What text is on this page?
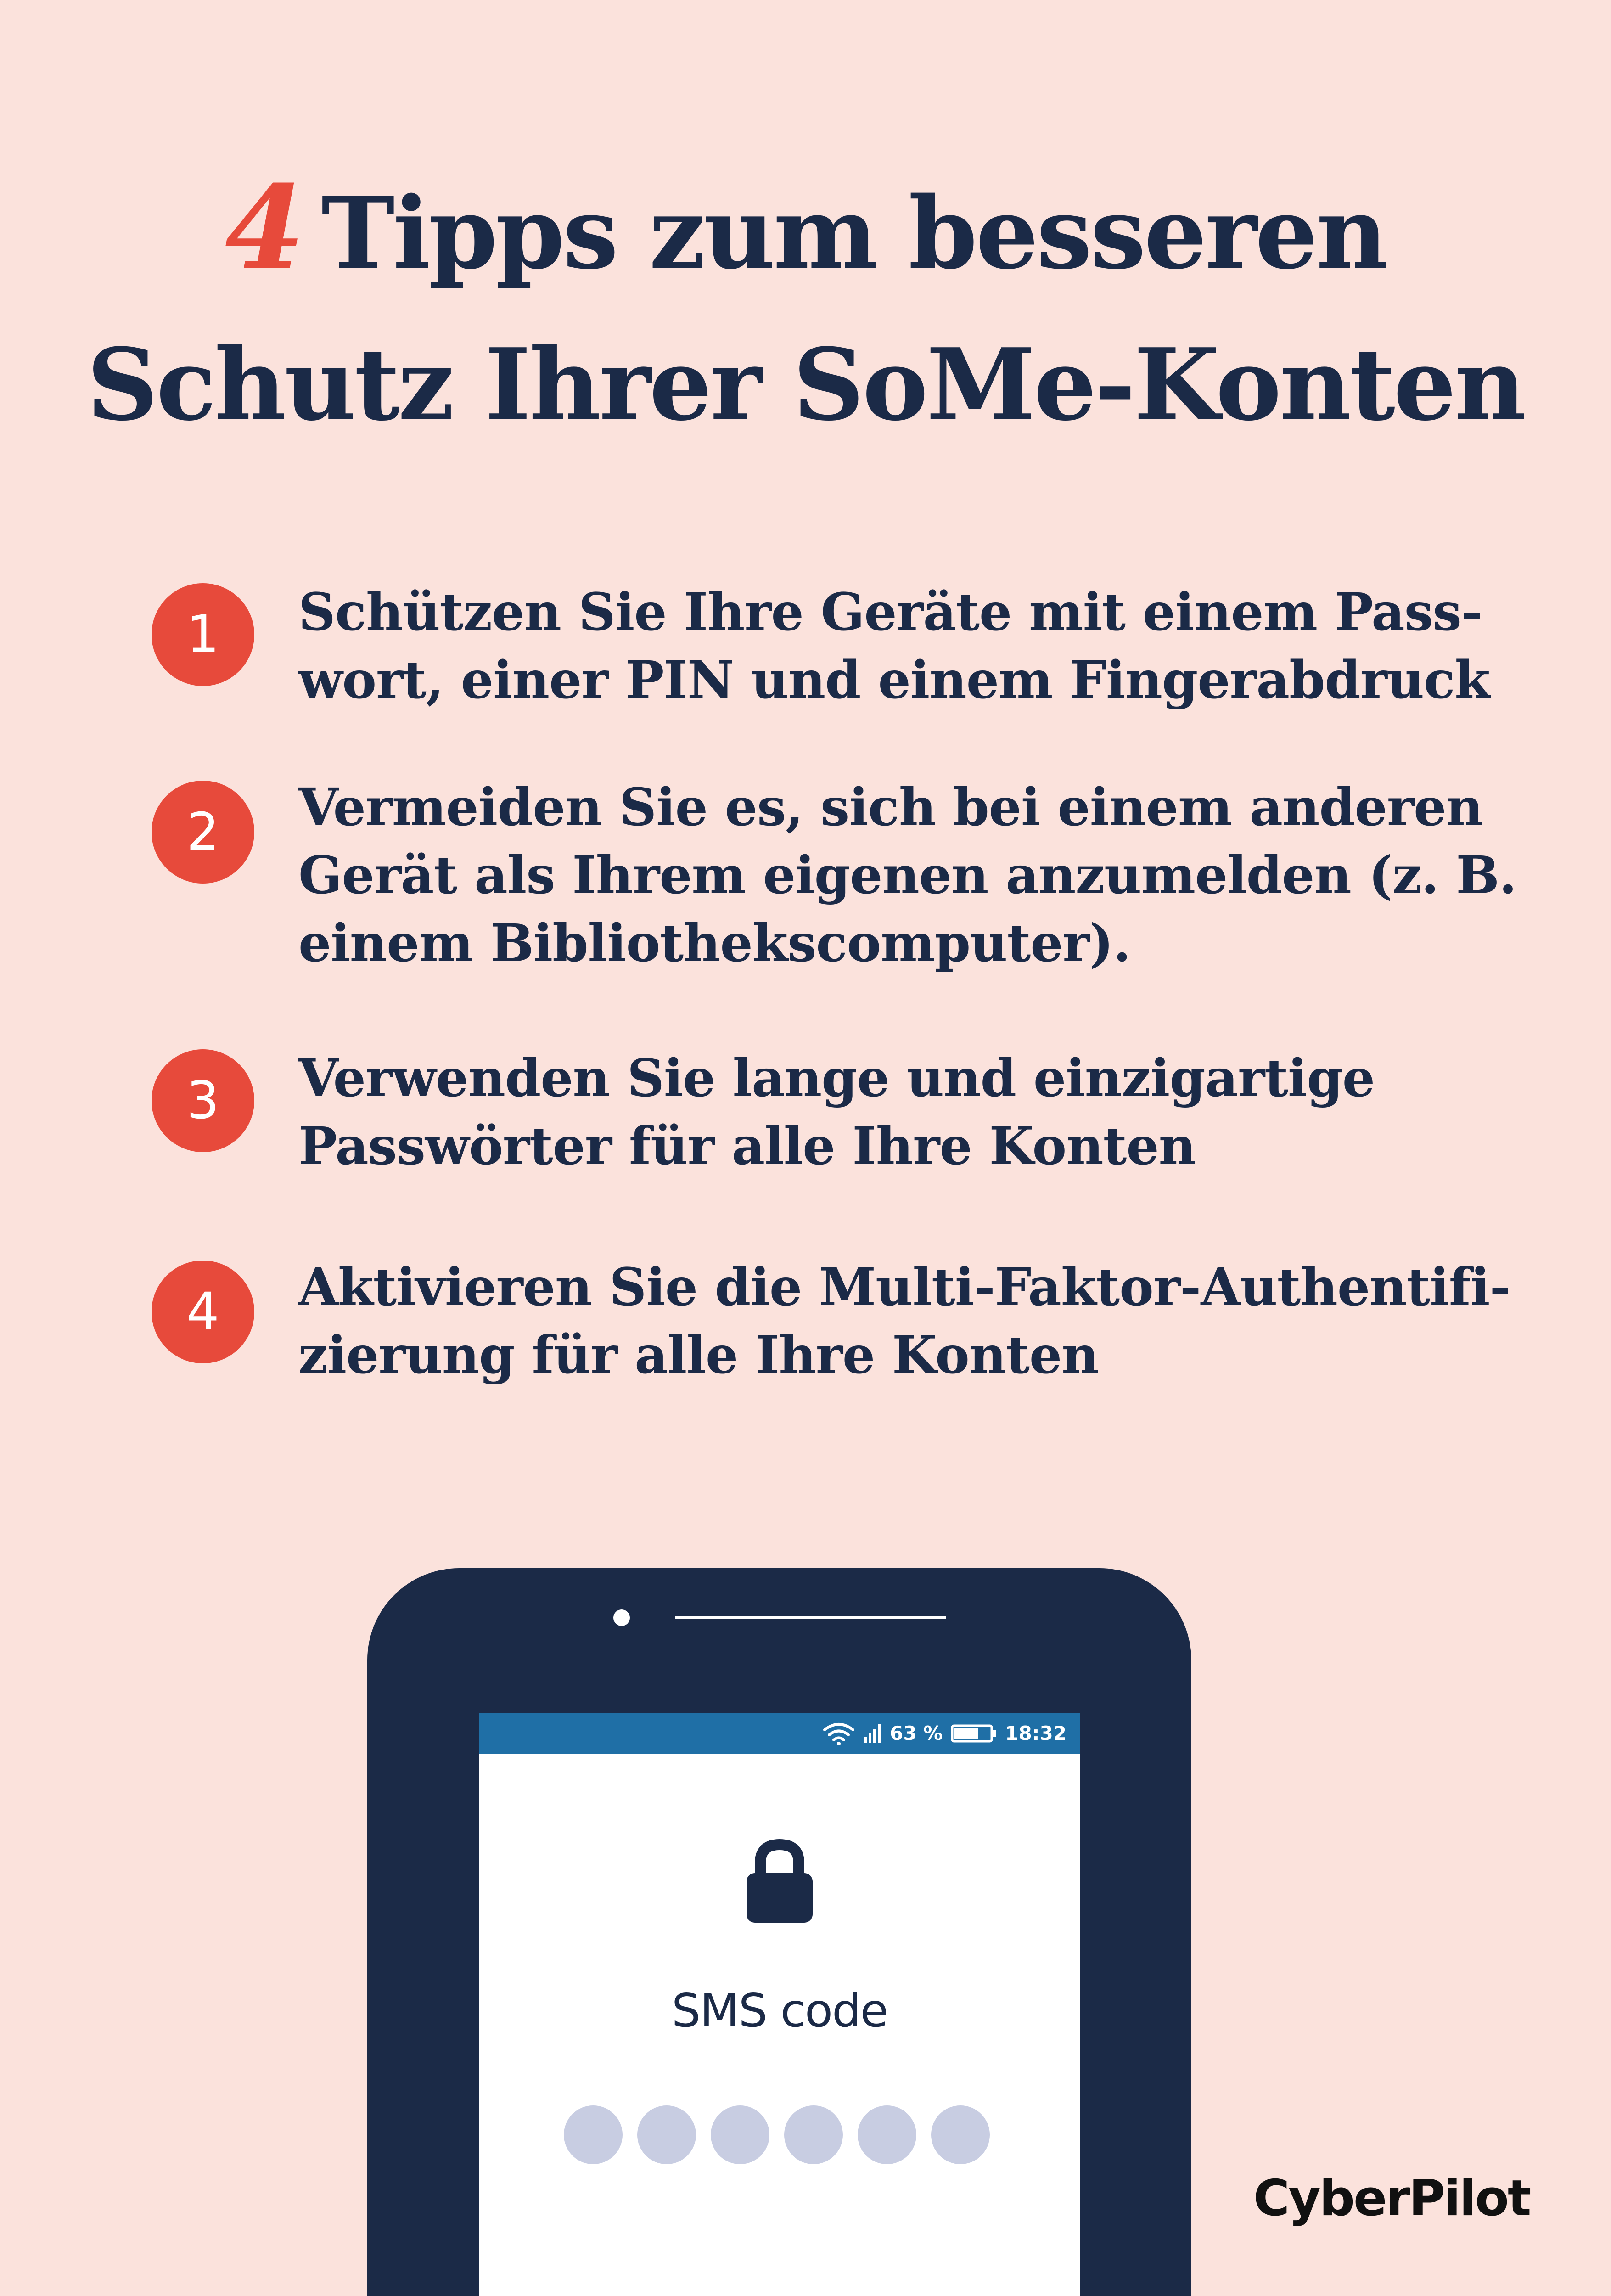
4 Tipps zum besseren
Schutz Ihrer SoMe-Konten
1	Schützen Sie Ihre Geräte mit einem Pass-
wort, einer PIN und einem Fingerabdruck
2	Vermeiden Sie es, sich bei einem anderen
Gerät als Ihrem eigenen anzumelden (z. B.
einem Bibliothekscomputer).
3	Verwenden Sie lange und einzigartige
Passwörter für alle Ihre Konten
4	Aktivieren Sie die Multi-Faktor-Authentifi-
zierung für alle Ihre Konten
63 %	18:32
SMS code
CyberPilot
